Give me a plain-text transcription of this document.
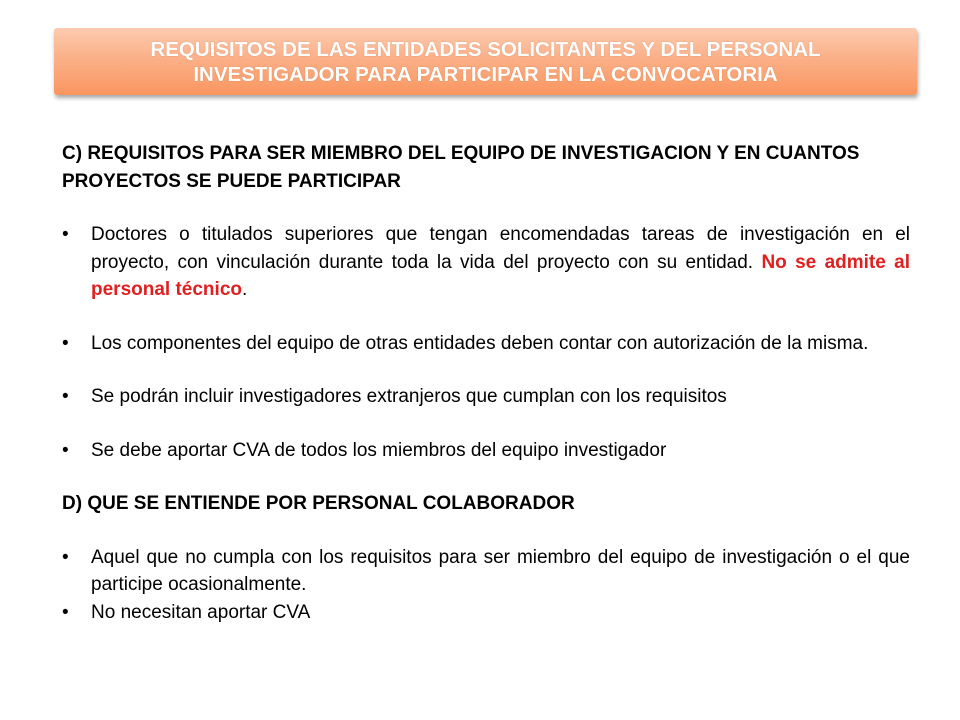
REQUISITOS DE LAS ENTIDADES SOLICITANTES Y DEL PERSONAL
INVESTIGADOR PARA PARTICIPAR EN LA CONVOCATORIA

C) REQUISITOS PARA SER MIEMBRO DEL EQUIPO DE INVESTIGACION Y EN CUANTOS PROYECTOS SE PUEDE PARTICIPAR

• Doctores o titulados superiores que tengan encomendadas tareas de investigación en el proyecto, con vinculación durante toda la vida del proyecto con su entidad. No se admite al personal técnico.
• Los componentes del equipo de otras entidades deben contar con autorización de la misma.
• Se podrán incluir investigadores extranjeros que cumplan con los requisitos
• Se debe aportar CVA de todos los miembros del equipo investigador

D) QUE SE ENTIENDE POR PERSONAL COLABORADOR

• Aquel que no cumpla con los requisitos para ser miembro del equipo de investigación o el que participe ocasionalmente.
• No necesitan aportar CVA
